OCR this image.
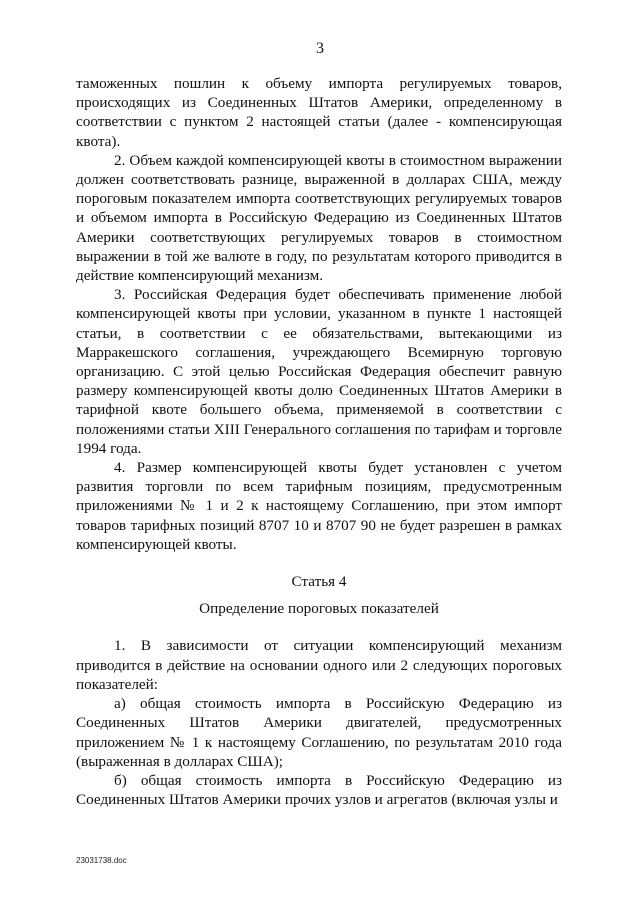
3

таможенных пошлин к объему импорта регулируемых товаров, происходящих из Соединенных Штатов Америки, определенному в соответствии с пунктом 2 настоящей статьи (далее - компенсирующая квота).

2. Объем каждой компенсирующей квоты в стоимостном выражении должен соответствовать разнице, выраженной в долларах США, между пороговым показателем импорта соответствующих регулируемых товаров и объемом импорта в Российскую Федерацию из Соединенных Штатов Америки соответствующих регулируемых товаров в стоимостном выражении в той же валюте в году, по результатам которого приводится в действие компенсирующий механизм.

3. Российская Федерация будет обеспечивать применение любой компенсирующей квоты при условии, указанном в пункте 1 настоящей статьи, в соответствии с ее обязательствами, вытекающими из Марракешского соглашения, учреждающего Всемирную торговую организацию. С этой целью Российская Федерация обеспечит равную размеру компенсирующей квоты долю Соединенных Штатов Америки в тарифной квоте большего объема, применяемой в соответствии с положениями статьи XIII Генерального соглашения по тарифам и торговле 1994 года.

4. Размер компенсирующей квоты будет установлен с учетом развития торговли по всем тарифным позициям, предусмотренным приложениями № 1 и 2 к настоящему Соглашению, при этом импорт товаров тарифных позиций 8707 10 и 8707 90 не будет разрешен в рамках компенсирующей квоты.

Статья 4

Определение пороговых показателей

1. В зависимости от ситуации компенсирующий механизм приводится в действие на основании одного или 2 следующих пороговых показателей:

а) общая стоимость импорта в Российскую Федерацию из Соединенных Штатов Америки двигателей, предусмотренных приложением № 1 к настоящему Соглашению, по результатам 2010 года (выраженная в долларах США);

б) общая стоимость импорта в Российскую Федерацию из Соединенных Штатов Америки прочих узлов и агрегатов (включая узлы и

23031738.doc
